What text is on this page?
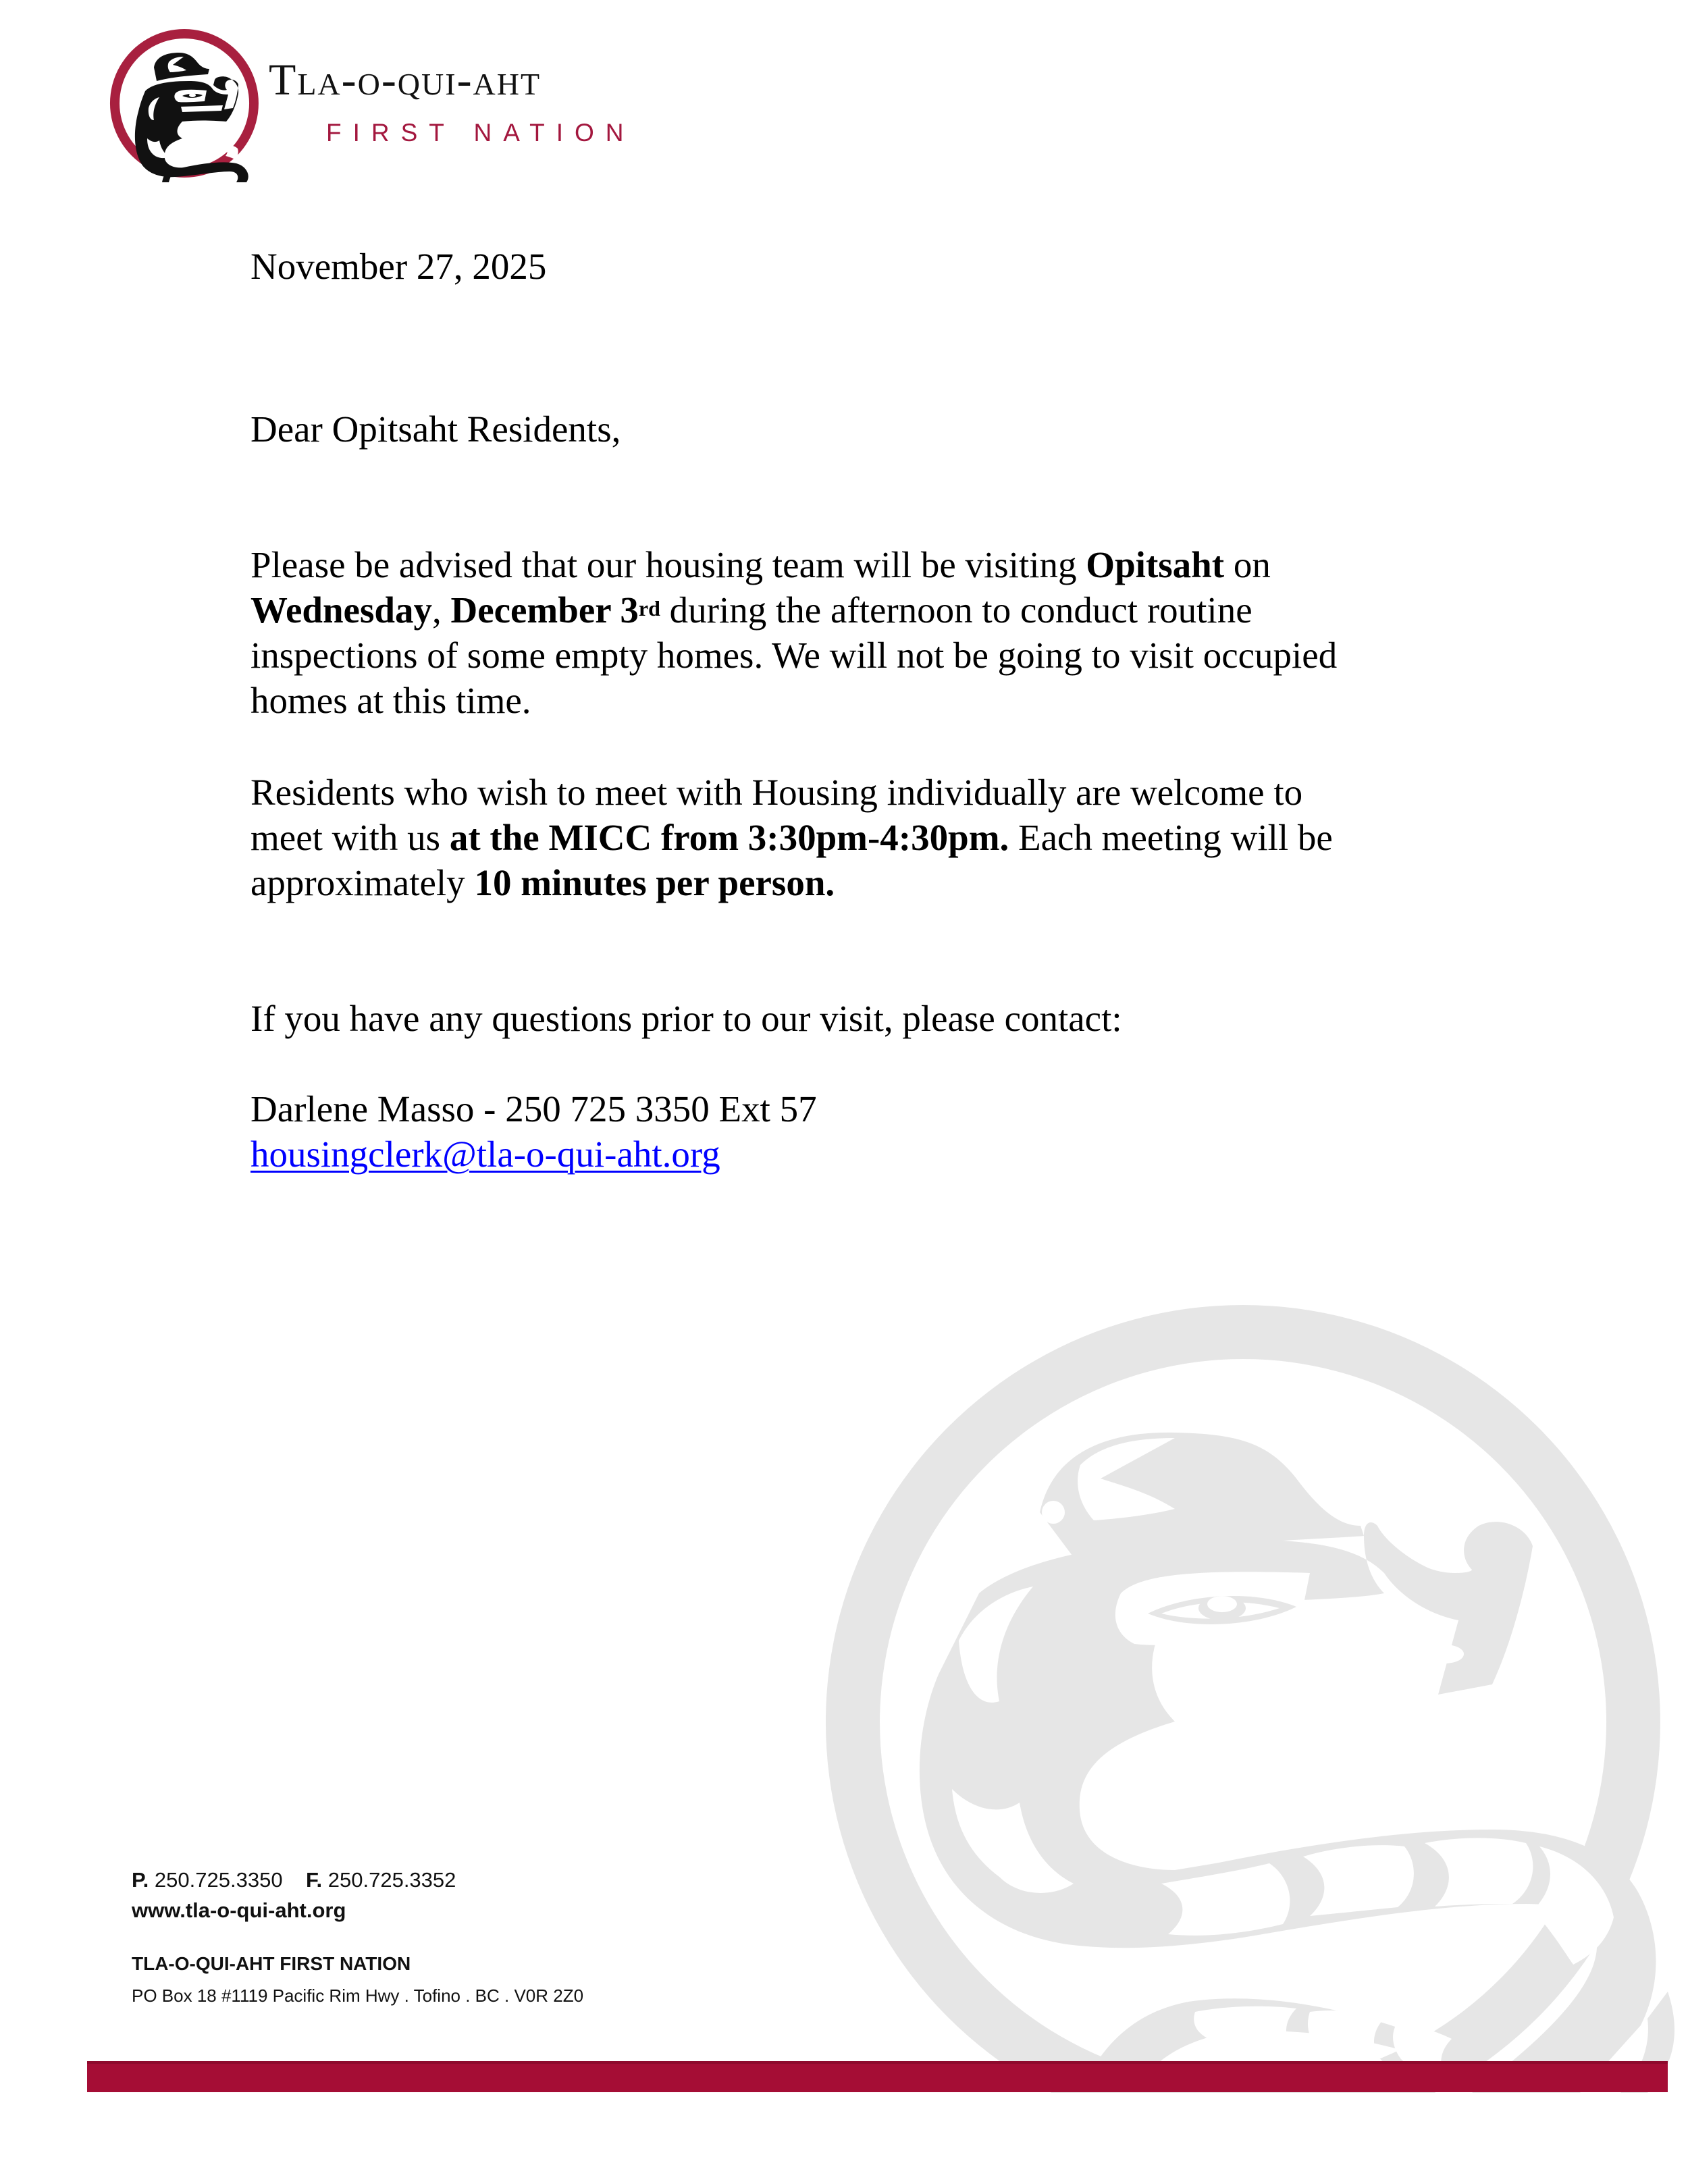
Tla-o-qui-aht
FIRST NATION
November 27, 2025
Dear Opitsaht Residents,
Please be advised that our housing team will be visiting Opitsaht on
Wednesday, December 3rd during the afternoon to conduct routine
inspections of some empty homes. We will not be going to visit occupied
homes at this time.
Residents who wish to meet with Housing individually are welcome to
meet with us at the MICC from 3:30pm-4:30pm. Each meeting will be
approximately 10 minutes per person.
If you have any questions prior to our visit, please contact:
Darlene Masso - 250 725 3350 Ext 57
housingclerk@tla-o-qui-aht.org
P. 250.725.3350 F. 250.725.3352
www.tla-o-qui-aht.org
TLA-O-QUI-AHT FIRST NATION
PO Box 18 #1119 Pacific Rim Hwy . Tofino . BC . V0R 2Z0
